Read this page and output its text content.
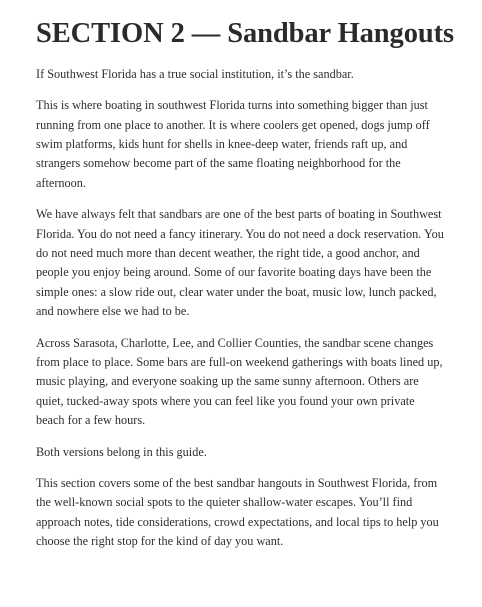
SECTION 2 — Sandbar Hangouts

If Southwest Florida has a true social institution, it’s the sandbar.

This is where boating in southwest Florida turns into something bigger than just running from one place to another. It is where coolers get opened, dogs jump off swim platforms, kids hunt for shells in knee-deep water, friends raft up, and strangers somehow become part of the same floating neighborhood for the afternoon.

We have always felt that sandbars are one of the best parts of boating in Southwest Florida. You do not need a fancy itinerary. You do not need a dock reservation. You do not need much more than decent weather, the right tide, a good anchor, and people you enjoy being around. Some of our favorite boating days have been the simple ones: a slow ride out, clear water under the boat, music low, lunch packed, and nowhere else we had to be.

Across Sarasota, Charlotte, Lee, and Collier Counties, the sandbar scene changes from place to place. Some bars are full-on weekend gatherings with boats lined up, music playing, and everyone soaking up the same sunny afternoon. Others are quiet, tucked-away spots where you can feel like you found your own private beach for a few hours.

Both versions belong in this guide.

This section covers some of the best sandbar hangouts in Southwest Florida, from the well-known social spots to the quieter shallow-water escapes. You’ll find approach notes, tide considerations, crowd expectations, and local tips to help you choose the right stop for the kind of day you want.
